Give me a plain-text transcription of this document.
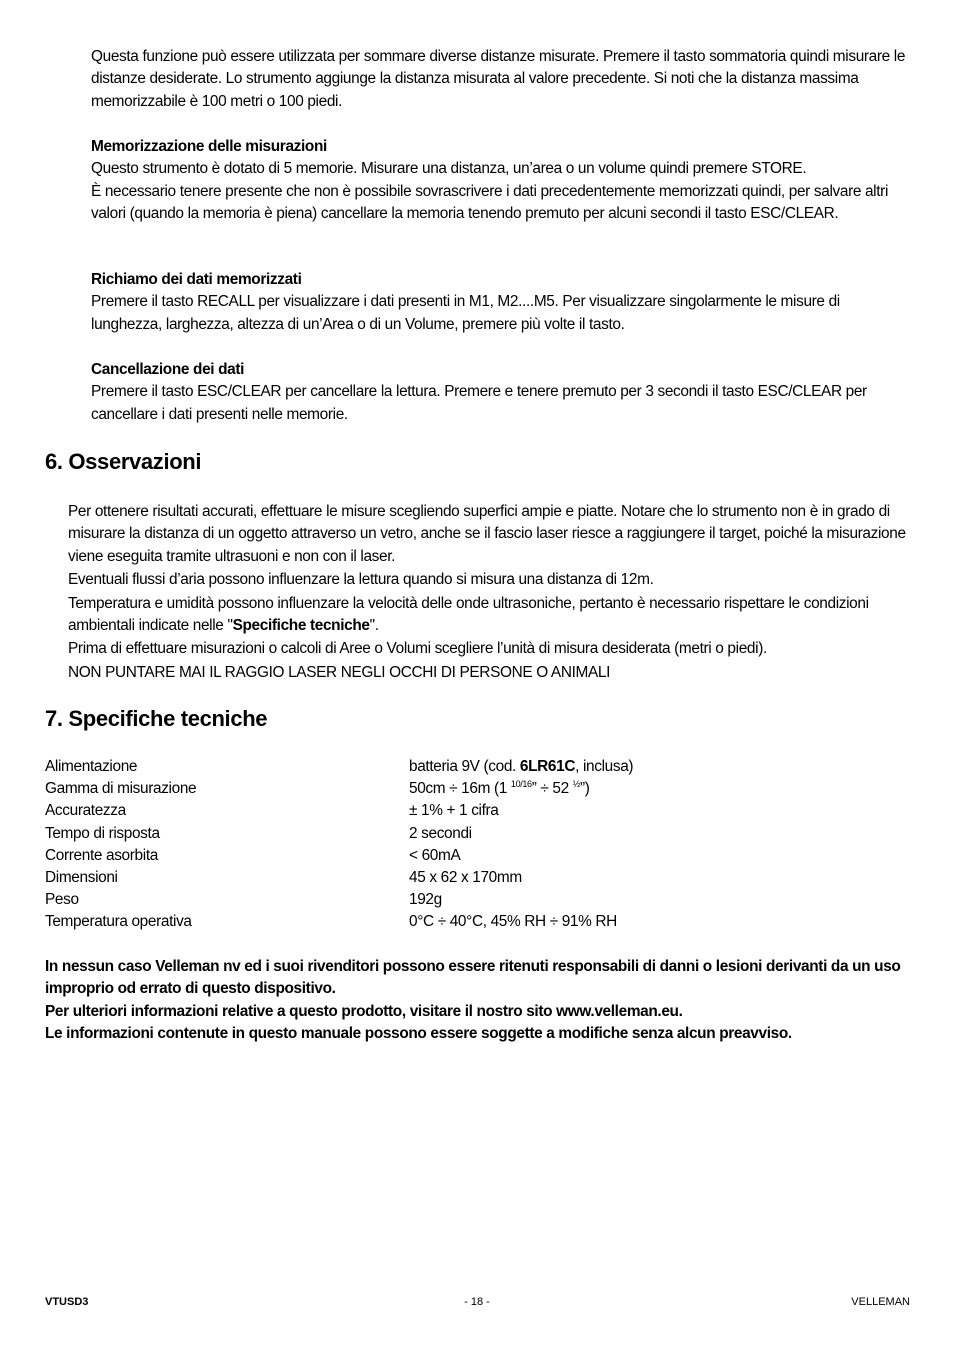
Questa funzione può essere utilizzata per sommare diverse distanze misurate. Premere il tasto sommatoria quindi misurare le distanze desiderate. Lo strumento aggiunge la distanza misurata al valore precedente. Si noti che la distanza massima memorizzabile è 100 metri o 100 piedi.

Memorizzazione delle misurazioni

Questo strumento è dotato di 5 memorie. Misurare una distanza, un’area o un volume quindi premere STORE.

È necessario tenere presente che non è possibile sovrascrivere i dati precedentemente memorizzati quindi, per salvare altri valori (quando la memoria è piena) cancellare la memoria tenendo premuto per alcuni secondi il tasto ESC/CLEAR.

Richiamo dei dati memorizzati

Premere il tasto RECALL per visualizzare i dati presenti in M1, M2....M5. Per visualizzare singolarmente le misure di lunghezza, larghezza, altezza di un’Area o di un Volume, premere più volte il tasto.

Cancellazione dei dati

Premere il tasto ESC/CLEAR per cancellare la lettura. Premere e tenere premuto per 3 secondi il tasto ESC/CLEAR per cancellare i dati presenti nelle memorie.

6. Osservazioni

Per ottenere risultati accurati, effettuare le misure scegliendo superfici ampie e piatte. Notare che lo strumento non è in grado di misurare la distanza di un oggetto attraverso un vetro, anche se il fascio laser riesce a raggiungere il target, poiché la misurazione viene eseguita tramite ultrasuoni e non con il laser.

Eventuali flussi d’aria possono influenzare la lettura quando si misura una distanza di 12m.

Temperatura e umidità possono influenzare la velocità delle onde ultrasoniche, pertanto è necessario rispettare le condizioni ambientali indicate nelle "Specifiche tecniche".

Prima di effettuare misurazioni o calcoli di Aree o Volumi scegliere l’unità di misura desiderata (metri o piedi).

NON PUNTARE MAI IL RAGGIO LASER NEGLI OCCHI DI PERSONE O ANIMALI

7. Specifiche tecniche
Alimentazione	batteria 9V (cod. 6LR61C, inclusa)
Gamma di misurazione	50cm ÷ 16m (1 $^{10/16}$” ÷ 52 $^{\frac{1}{2}}$”)
Accuratezza	± 1% + 1 cifra
Tempo di risposta	2 secondi
Corrente asorbita	< 60mA
Dimensioni	45 x 62 x 170mm
Peso	192g
Temperatura operativa	0°C ÷ 40°C, 45% RH ÷ 91% RH

In nessun caso Velleman nv ed i suoi rivenditori possono essere ritenuti responsabili di danni o lesioni derivanti da un uso improprio od errato di questo dispositivo.

Per ulteriori informazioni relative a questo prodotto, visitare il nostro sito www.velleman.eu.

Le informazioni contenute in questo manuale possono essere soggette a modifiche senza alcun preavviso.

VTUSD3	- 18 -	VELLEMAN
